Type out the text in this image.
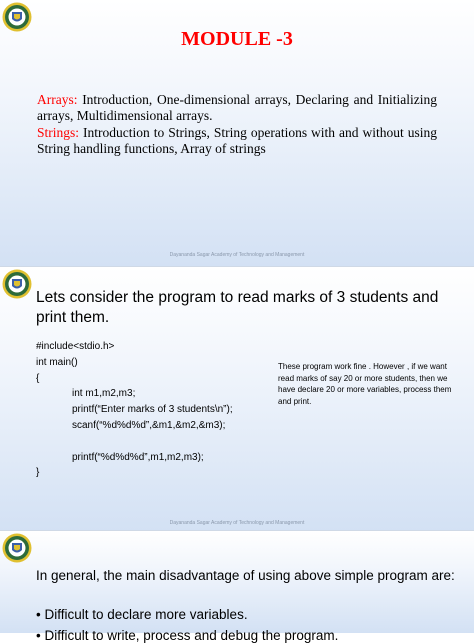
MODULE -3
Arrays: Introduction, One-dimensional arrays, Declaring and Initializing arrays, Multidimensional arrays.
Strings: Introduction to Strings, String operations with and without using String handling functions, Array of strings
Dayananda Sagar Academy of Technology and Management
Lets consider the program to read marks of 3 students and print them.
#include<stdio.h>
int main()
{
int m1,m2,m3;
printf(“Enter marks of 3 students\n”);
scanf(“%d%d%d”,&m1,&m2,&m3);
printf(“%d%d%d”,m1,m2,m3);
}
These program work fine . However , if we want read marks of say 20 or more students, then we have declare 20 or more variables, process them and print.
Dayananda Sagar Academy of Technology and Management
In general, the main disadvantage of using above simple program are:
• Difficult to declare more variables.
• Difficult to write, process and debug the program.
